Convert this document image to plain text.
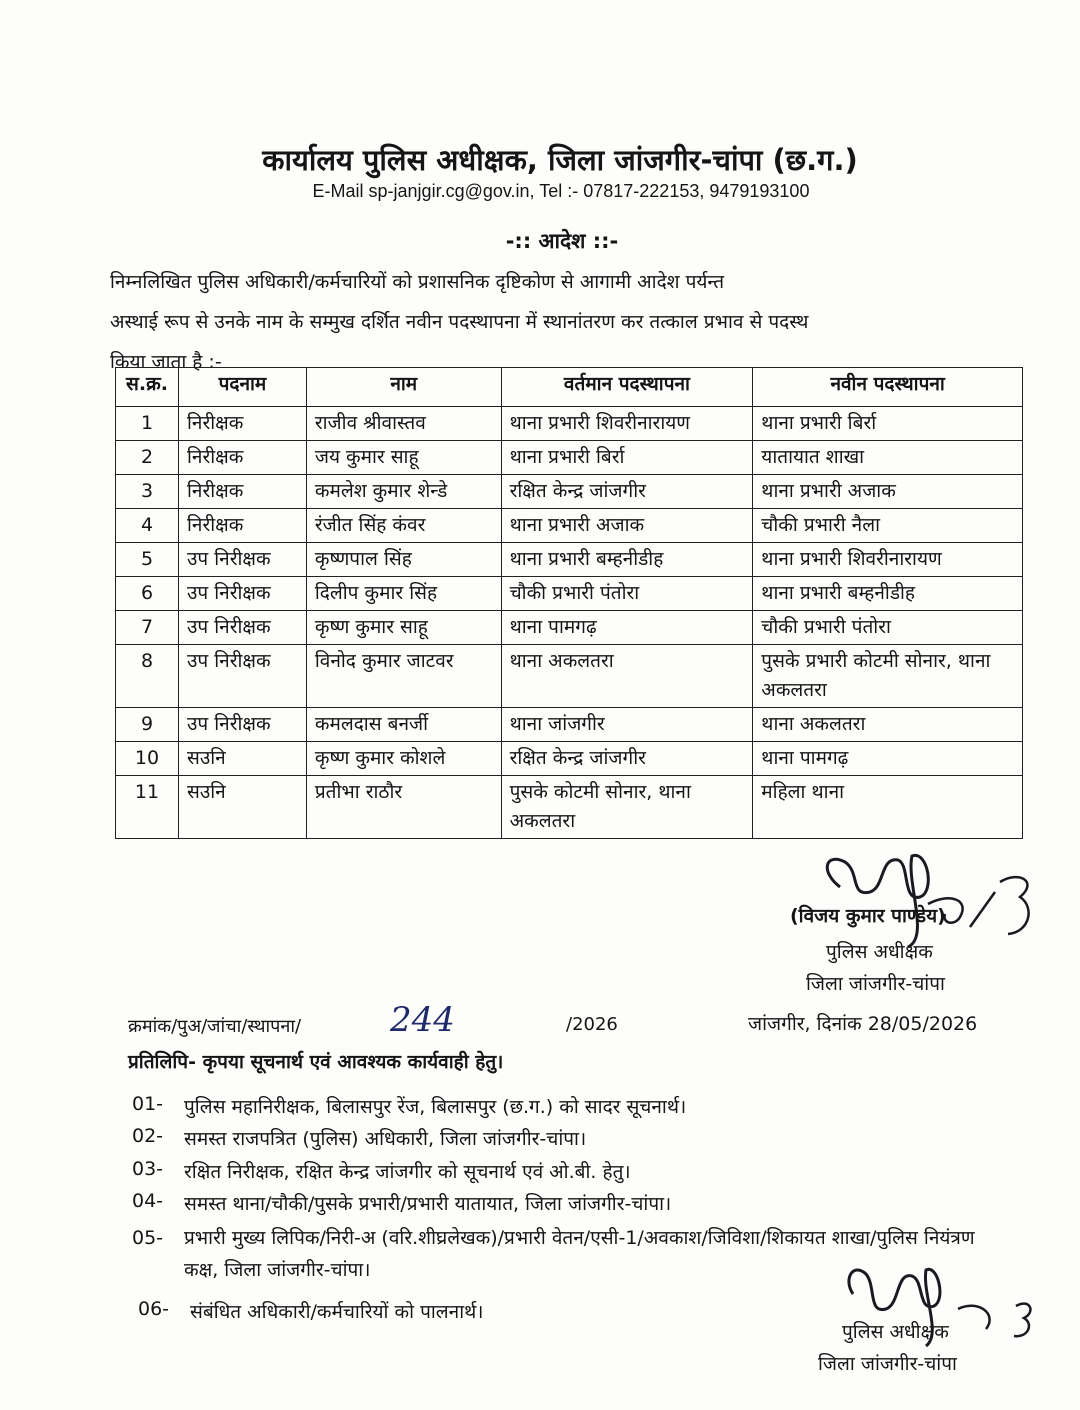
कार्यालय पुलिस अधीक्षक, जिला जांजगीर-चांपा (छ.ग.)
E-Mail sp-janjgir.cg@gov.in, Tel :- 07817-222153, 9479193100
-:: आदेश ::-
निम्नलिखित पुलिस अधिकारी/कर्मचारियों को प्रशासनिक दृष्टिकोण से आगामी आदेश पर्यन्त
अस्थाई रूप से उनके नाम के सम्मुख दर्शित नवीन पदस्थापना में स्थानांतरण कर तत्काल प्रभाव से पदस्थ
किया जाता है :-
स.क्र.	पदनाम	नाम	वर्तमान पदस्थापना	नवीन पदस्थापना
1	निरीक्षक	राजीव श्रीवास्तव	थाना प्रभारी शिवरीनारायण	थाना प्रभारी बिर्रा
2	निरीक्षक	जय कुमार साहू	थाना प्रभारी बिर्रा	यातायात शाखा
3	निरीक्षक	कमलेश कुमार शेन्डे	रक्षित केन्द्र जांजगीर	थाना प्रभारी अजाक
4	निरीक्षक	रंजीत सिंह कंवर	थाना प्रभारी अजाक	चौकी प्रभारी नैला
5	उप निरीक्षक	कृष्णपाल सिंह	थाना प्रभारी बम्हनीडीह	थाना प्रभारी शिवरीनारायण
6	उप निरीक्षक	दिलीप कुमार सिंह	चौकी प्रभारी पंतोरा	थाना प्रभारी बम्हनीडीह
7	उप निरीक्षक	कृष्ण कुमार साहू	थाना पामगढ़	चौकी प्रभारी पंतोरा
8	उप निरीक्षक	विनोद कुमार जाटवर	थाना अकलतरा	पुसके प्रभारी कोटमी सोनार, थाना अकलतरा
9	उप निरीक्षक	कमलदास बनर्जी	थाना जांजगीर	थाना अकलतरा
10	सउनि	कृष्ण कुमार कोशले	रक्षित केन्द्र जांजगीर	थाना पामगढ़
11	सउनि	प्रतीभा राठौर	पुसके कोटमी सोनार, थाना अकलतरा	महिला थाना
(विजय कुमार पाण्डेय)
पुलिस अधीक्षक
जिला जांजगीर-चांपा
क्रमांक/पुअ/जांचा/स्थापना/	244	/2026	जांजगीर, दिनांक 28/05/2026
प्रतिलिपि- कृपया सूचनार्थ एवं आवश्यक कार्यवाही हेतु।
01-	पुलिस महानिरीक्षक, बिलासपुर रेंज, बिलासपुर (छ.ग.) को सादर सूचनार्थ।
02-	समस्त राजपत्रित (पुलिस) अधिकारी, जिला जांजगीर-चांपा।
03-	रक्षित निरीक्षक, रक्षित केन्द्र जांजगीर को सूचनार्थ एवं ओ.बी. हेतु।
04-	समस्त थाना/चौकी/पुसके प्रभारी/प्रभारी यातायात, जिला जांजगीर-चांपा।
05-	प्रभारी मुख्य लिपिक/निरी-अ (वरि.शीघ्रलेखक)/प्रभारी वेतन/एसी-1/अवकाश/जिविशा/शिकायत शाखा/पुलिस नियंत्रण कक्ष, जिला जांजगीर-चांपा।
06-	संबंधित अधिकारी/कर्मचारियों को पालनार्थ।
पुलिस अधीक्षक
जिला जांजगीर-चांपा
